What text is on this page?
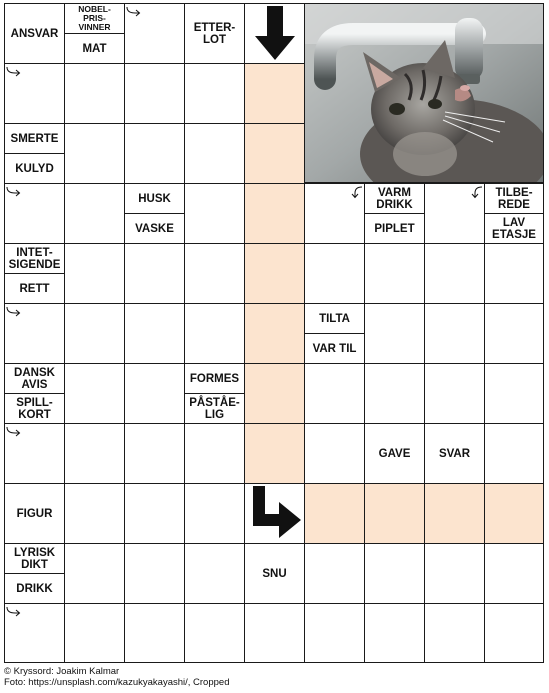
ANSVAR
NOBEL-
PRIS-
VINNER
MAT
ETTER-
LOT
SMERTE
KULYD
HUSK
VASKE
VARM
DRIKK
PIPLET
TILBE-
REDE
LAV
ETASJE
INTET-
SIGENDE
RETT
TILTA
VAR TIL
DANSK
AVIS
SPILL-
KORT
FORMES
PÅSTÅE-
LIG
GAVE	SVAR
FIGUR
LYRISK
DIKT
DRIKK
SNU
© Kryssord: Joakim Kalmar
Foto: https://unsplash.com/kazukyakayashi/, Cropped
